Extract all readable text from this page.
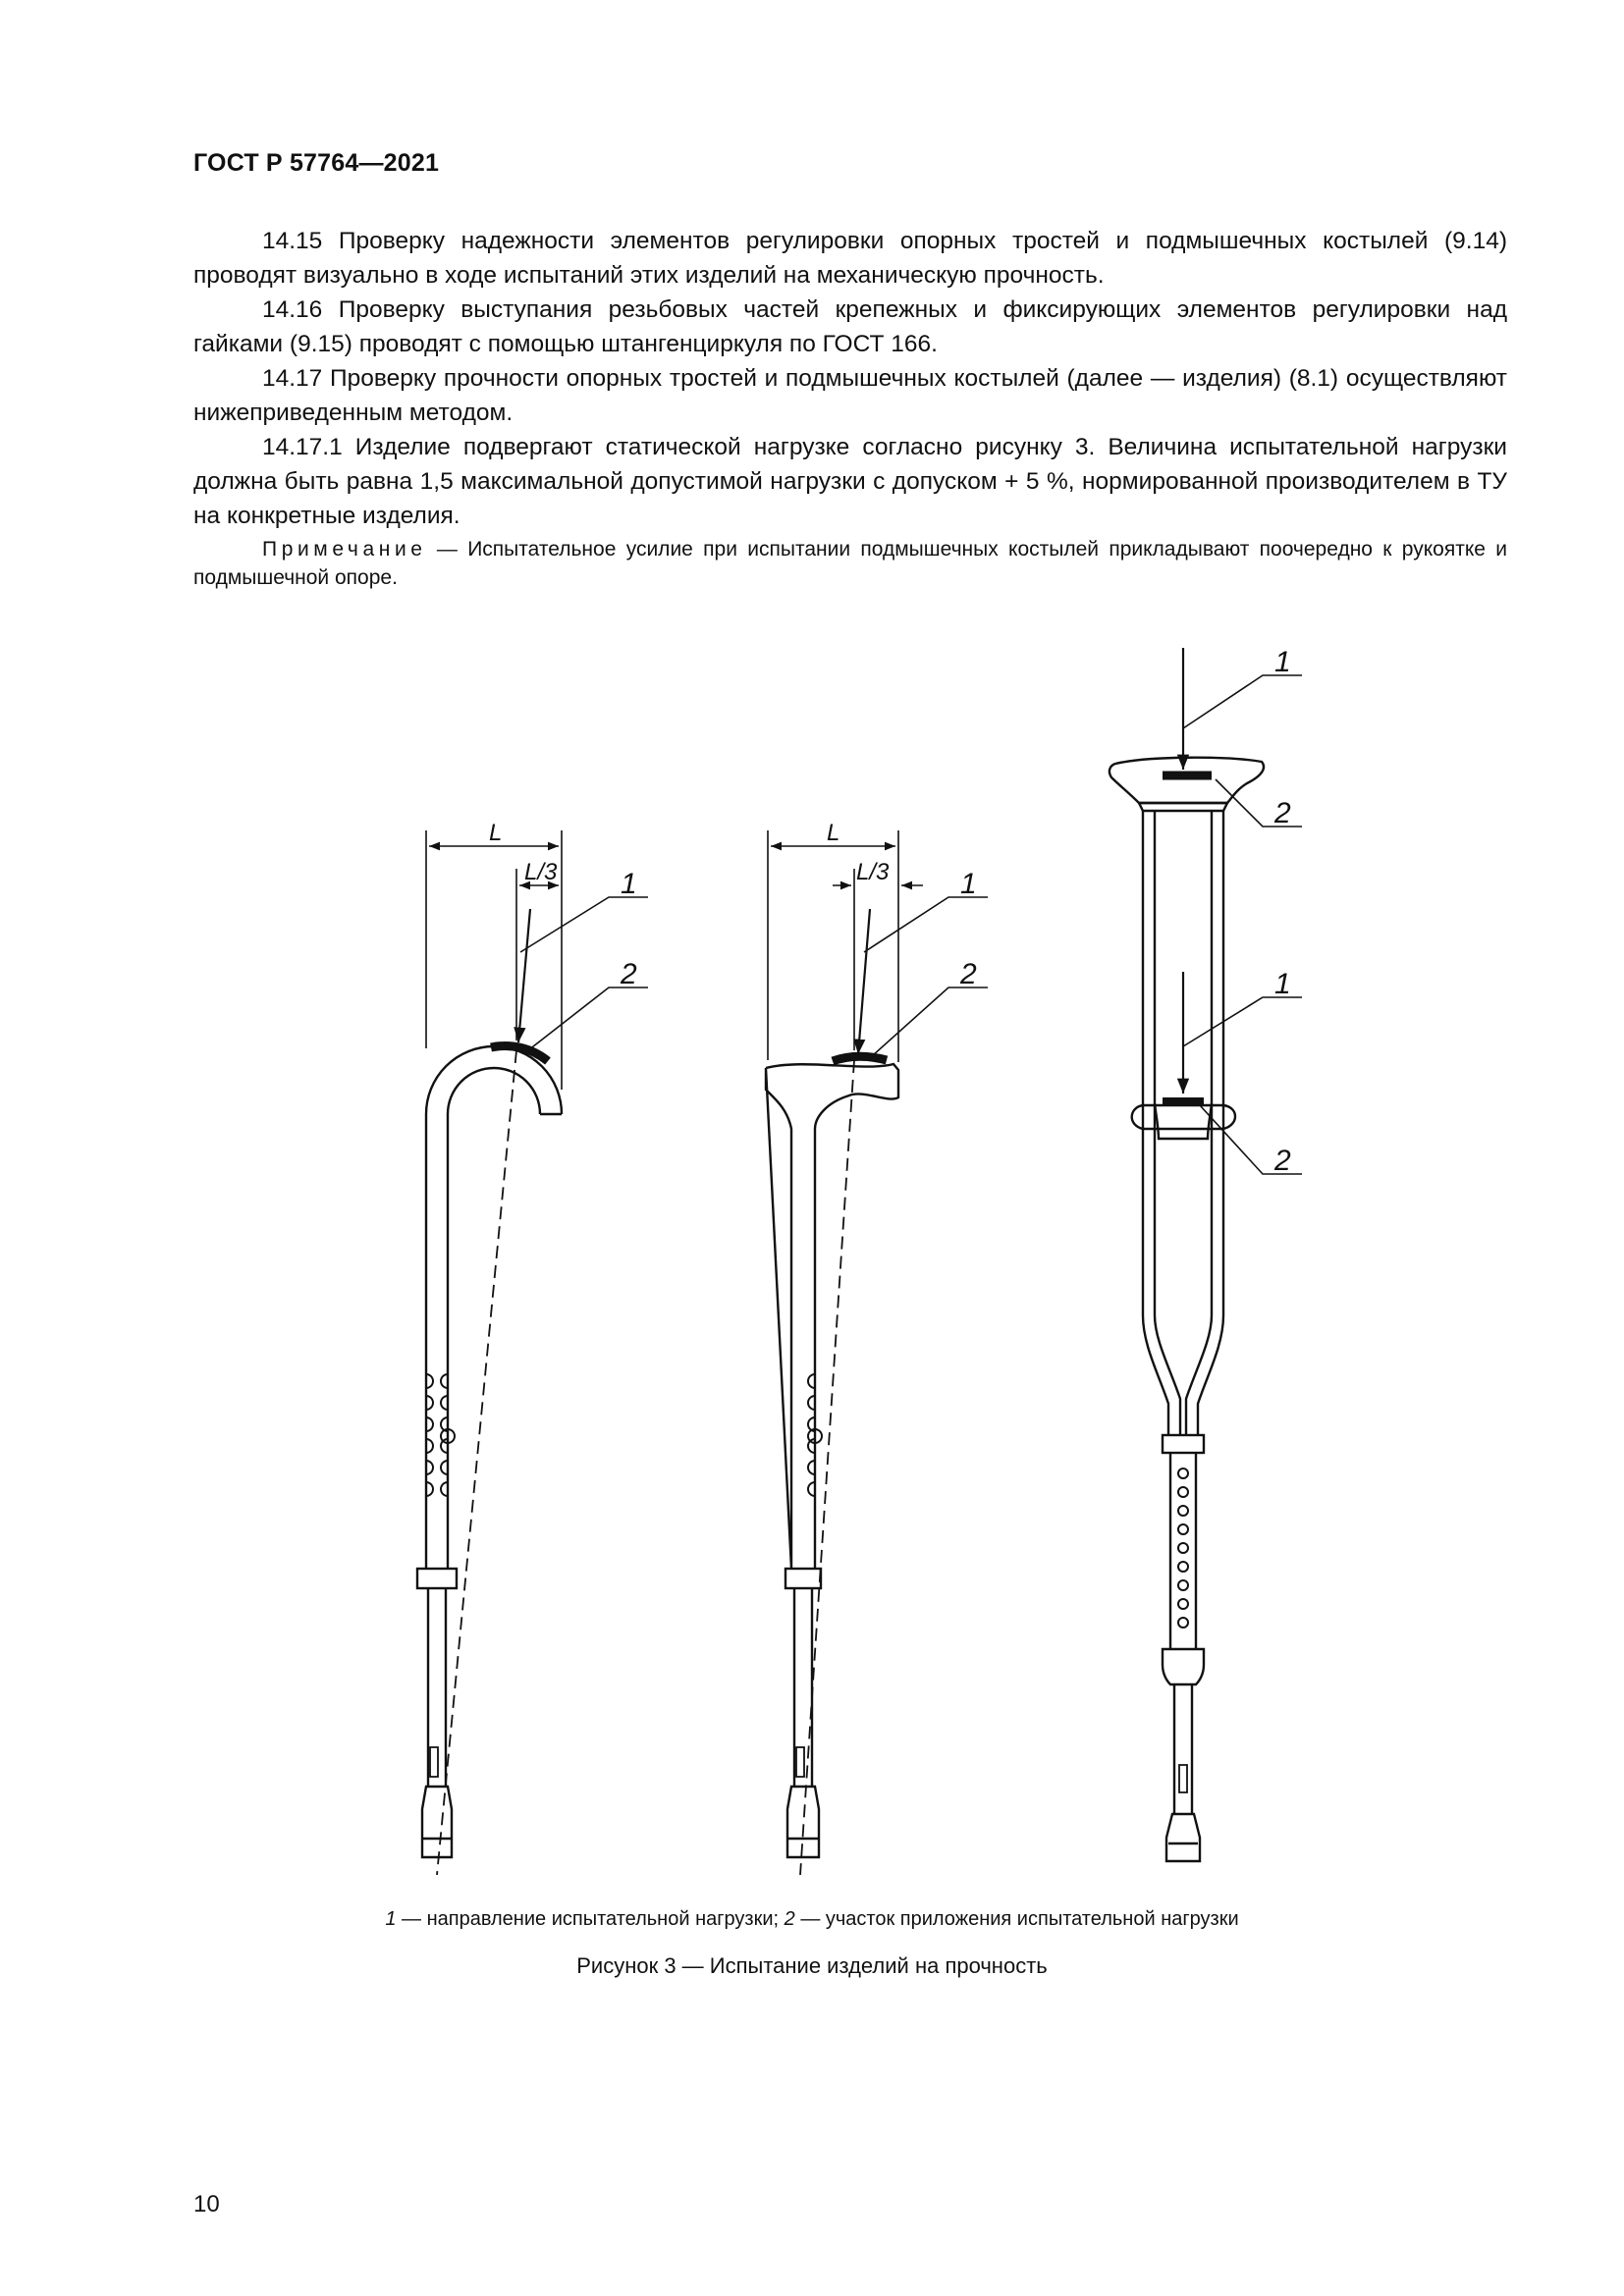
ГОСТ Р 57764—2021

14.15 Проверку надежности элементов регулировки опорных тростей и подмышечных костылей (9.14) проводят визуально в ходе испытаний этих изделий на механическую прочность.

14.16 Проверку выступания резьбовых частей крепежных и фиксирующих элементов регулировки над гайками (9.15) проводят с помощью штангенциркуля по ГОСТ 166.

14.17 Проверку прочности опорных тростей и подмышечных костылей (далее — изделия) (8.1) осуществляют нижеприведенным методом.

14.17.1 Изделие подвергают статической нагрузке согласно рисунку 3. Величина испытательной нагрузки должна быть равна 1,5 максимальной допустимой нагрузки с допуском + 5 %, нормированной производителем в ТУ на конкретные изделия.

Примечание — Испытательное усилие при испытании подмышечных костылей прикладывают поочередно к рукоятке и подмышечной опоре.
L
L/3 1
2
L
L/3 1
2
1
2
1
2
1 — направление испытательной нагрузки; 2 — участок приложения испытательной нагрузки
Рисунок 3 — Испытание изделий на прочность
10
